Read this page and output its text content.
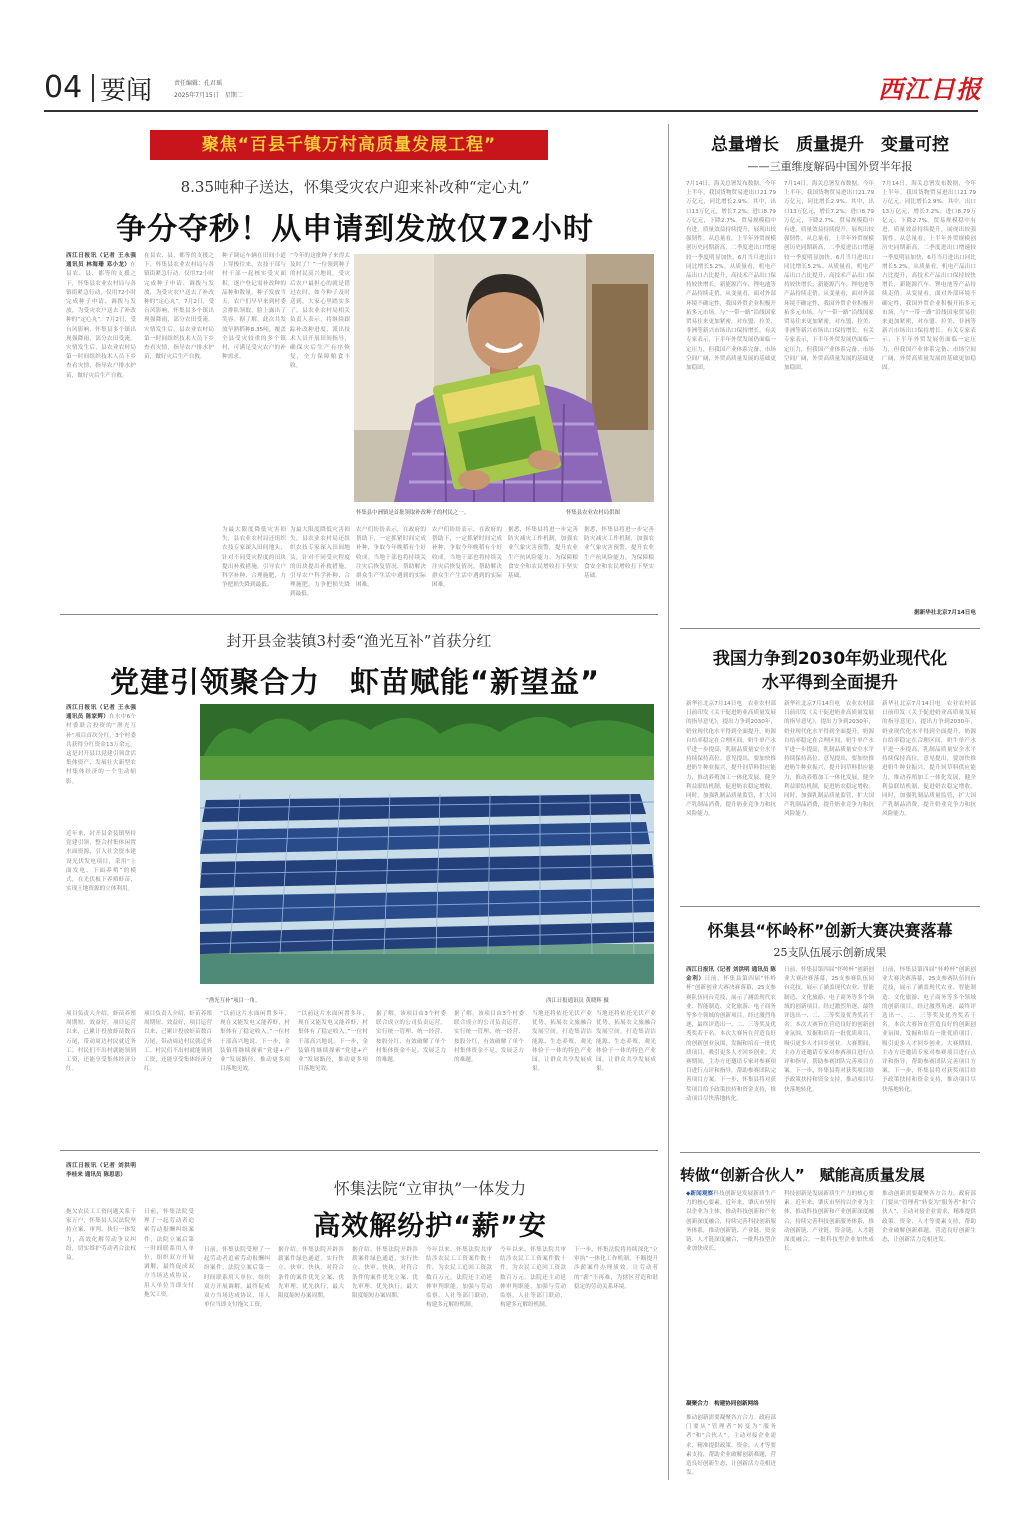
04 要闻	责任编辑：孔君瑶
2025年7月15日　星期二	西江日报
聚焦“百县千镇万村高质量发展工程”
8.35吨种子送达，怀集受灾农户迎来补改种“定心丸”
争分夺秒！从申请到发放仅72小时
西江日报讯（记者 王永强 通讯员 林海珊 邓小龙）在县农、县、都等的支援之下，怀集县农业农村局与各镇街紧急行动，仅用72小时完成种子申请、调拨与发放，为受灾农户送去了补改种的“定心丸”。7月2日，受台风影响，怀集县多个镇出现强降雨，部分农田受淹。灾情发生后，县农业农村局第一时间组织技术人员下乡查看灾情，指导农户排水护苗，做好灾后生产自救。
在县农、县、都等的支援之下，怀集县农业农村局与各镇街紧急行动，仅用72小时完成种子申请、调拨与发放，为受灾农户送去了补改种的“定心丸”。7月2日，受台风影响，怀集县多个镇出现强降雨，部分农田受淹。灾情发生后，县农业农村局第一时间组织技术人员下乡查看灾情，指导农户排水护苗，做好灾后生产自救。
种子调运车辆在田间小道上穿梭往来，农技干部与村干部一起核实受灾面积，逐户登记需补改种的品种和数量。种子发放当天，农户们早早来到村委会排队领取，脸上露出了笑容。据了解，此次共发放早熟稻种8.35吨，覆盖全县受灾较重的多个镇村，可满足受灾农户的补种需求。
“今年的这批种子来得太及时了！”一位领到种子的村民高兴地说。受灾后农户最担心的就是错过农时，如今种子及时送到，大家心里踏实多了。县农业农村局相关负责人表示，将继续跟踪补改种进度，派出技术人员开展田间指导，确保灾后生产有序恢复，全力保障粮食丰收。
怀集县中洲镇是首批领取补改种子的村民之一。	怀集县农业农村局供图
为最大限度降低灾害损失，县农业农村局还组织农技专家深入田间地头，针对不同受灾程度的田块提出补救措施，引导农户科学补种、合理施肥，力争把损失降到最低。
为最大限度降低灾害损失，县农业农村局还组织农技专家深入田间地头，针对不同受灾程度的田块提出补救措施，引导农户科学补种、合理施肥，力争把损失降到最低。
农户们纷纷表示，在政府的帮助下，一定抓紧时间完成补种，争取今年晚稻有个好收成。当地干部也将持续关注灾后恢复情况，帮助解决群众生产生活中遇到的实际困难。
农户们纷纷表示，在政府的帮助下，一定抓紧时间完成补种，争取今年晚稻有个好收成。当地干部也将持续关注灾后恢复情况，帮助解决群众生产生活中遇到的实际困难。
据悉，怀集县将进一步完善防灾减灾工作机制，加强农业气象灾害预警，提升农业生产抗风险能力，为保障粮食安全和农民增收打下坚实基础。
据悉，怀集县将进一步完善防灾减灾工作机制，加强农业气象灾害预警，提升农业生产抗风险能力，为保障粮食安全和农民增收打下坚实基础。
封开县金装镇3村委“渔光互补”首获分红
党建引领聚合力　虾苗赋能“新望益”
西江日报讯（记者 王永强 通讯员 陈家辉）在水中6个村委联合投资的“渔光互补”项目首次分红，3个村委共获得分红资金13万余元。这是封开县以党建引领盘活集体资产、发展壮大新型农村集体经济的一个生动缩影。
近年来，封开县金装镇坚持党建引领，整合村集体闲置水面资源，引入社会资本建设光伏发电项目，采用“上面发电、下面养殖”的模式，在光伏板下养殖虾苗，实现土地资源的立体利用。
“渔光互补”项目一角。	西江日报通讯员 黄晓辉 摄
项目负责人介绍，虾苗养殖周期短、效益好，项目运营以来，已累计投放虾苗数百万尾，带动周边村民就近务工。村民们不出村就能领到工资，还能享受集体经济分红。
项目负责人介绍，虾苗养殖周期短、效益好，项目运营以来，已累计投放虾苗数百万尾，带动周边村民就近务工。村民们不出村就能领到工资，还能享受集体经济分红。
“以前这片水面闲置多年，现在又能发电又能养虾，村集体有了稳定收入。”一位村干部高兴地说。下一步，金装镇将继续探索“党建+产业”发展路径，推动更多项目落地见效。
“以前这片水面闲置多年，现在又能发电又能养虾，村集体有了稳定收入。”一位村干部高兴地说。下一步，金装镇将继续探索“党建+产业”发展路径，推动更多项目落地见效。
据了解，该项目由3个村委联合成立的公司负责运营，实行统一管理、统一经营、按股分红，有效破解了单个村集体资金不足、发展乏力的难题。
据了解，该项目由3个村委联合成立的公司负责运营，实行统一管理、统一经营、按股分红，有效破解了单个村集体资金不足、发展乏力的难题。
当地还将依托光伏产业优势，拓展农文旅融合发展空间，打造集清洁能源、生态养殖、观光体验于一体的特色产业园，让群众共享发展成果。
当地还将依托光伏产业优势，拓展农文旅融合发展空间，打造集清洁能源、生态养殖、观光体验于一体的特色产业园，让群众共享发展成果。
西江日报讯（记者 刘洪明 李桂来 通讯员 陈思思）
怀集法院“立审执”一体发力
高效解纷护“薪”安
拖欠农民工工资问题关系千家万户，怀集县人民法院坚持立案、审判、执行一体发力，高效化解劳动争议纠纷，切实维护劳动者合法权益。
日前，怀集法院受理了一起劳动者追索劳动报酬纠纷案件，法院立案后第一时间联系用人单位，组织双方开展调解，最终促成双方当场达成协议，用人单位当即支付拖欠工资。
日前，怀集法院受理了一起劳动者追索劳动报酬纠纷案件，法院立案后第一时间联系用人单位，组织双方开展调解，最终促成双方当场达成协议，用人单位当即支付拖欠工资。
据介绍，怀集法院开辟涉薪案件绿色通道，实行快立、快审、快执，对符合条件的案件优先立案、优先审理、优先执行，最大限度缩短办案周期。
据介绍，怀集法院开辟涉薪案件绿色通道，实行快立、快审、快执，对符合条件的案件优先立案、优先审理、优先执行，最大限度缩短办案周期。
今年以来，怀集法院共审结涉农民工工资案件数十件，为农民工追回工资款数百万元。法院还主动延伸审判职能，加强与劳动监察、人社等部门联动，构建多元解纷机制。
今年以来，怀集法院共审结涉农民工工资案件数十件，为农民工追回工资款数百万元。法院还主动延伸审判职能，加强与劳动监察、人社等部门联动，构建多元解纷机制。
下一步，怀集法院将持续深化“立审执”一体化工作机制，不断提升涉薪案件办理质效，让劳动者的“薪”不再难，为辖区营造和谐稳定的劳动关系环境。
总量增长　质量提升　变量可控
——三重维度解码中国外贸半年报
7月14日，海关总署发布数据，今年上半年，我国货物贸易进出口21.79万亿元，同比增长2.9%。其中，出口13万亿元，增长7.2%；进口8.79万亿元，下降2.7%。贸易规模稳中有进，质量效益持续提升，展现出较强韧性。从总量看，上半年外贸规模创历史同期新高，二季度进出口增速较一季度明显加快，6月当月进出口同比增长5.2%。从质量看，机电产品出口占比提升，高技术产品出口保持较快增长，新能源汽车、锂电池等产品持续走俏。从变量看，面对外部环境不确定性，我国外贸企业积极开拓多元市场，与“一带一路”沿线国家贸易往来更加紧密，对东盟、拉美、非洲等新兴市场出口保持增长。有关专家表示，下半年外贸发展仍面临一定压力，但我国产业体系完备、市场空间广阔，外贸高质量发展的基础更加稳固。
7月14日，海关总署发布数据，今年上半年，我国货物贸易进出口21.79万亿元，同比增长2.9%。其中，出口13万亿元，增长7.2%；进口8.79万亿元，下降2.7%。贸易规模稳中有进，质量效益持续提升，展现出较强韧性。从总量看，上半年外贸规模创历史同期新高，二季度进出口增速较一季度明显加快，6月当月进出口同比增长5.2%。从质量看，机电产品出口占比提升，高技术产品出口保持较快增长，新能源汽车、锂电池等产品持续走俏。从变量看，面对外部环境不确定性，我国外贸企业积极开拓多元市场，与“一带一路”沿线国家贸易往来更加紧密，对东盟、拉美、非洲等新兴市场出口保持增长。有关专家表示，下半年外贸发展仍面临一定压力，但我国产业体系完备、市场空间广阔，外贸高质量发展的基础更加稳固。
7月14日，海关总署发布数据，今年上半年，我国货物贸易进出口21.79万亿元，同比增长2.9%。其中，出口13万亿元，增长7.2%；进口8.79万亿元，下降2.7%。贸易规模稳中有进，质量效益持续提升，展现出较强韧性。从总量看，上半年外贸规模创历史同期新高，二季度进出口增速较一季度明显加快，6月当月进出口同比增长5.2%。从质量看，机电产品出口占比提升，高技术产品出口保持较快增长，新能源汽车、锂电池等产品持续走俏。从变量看，面对外部环境不确定性，我国外贸企业积极开拓多元市场，与“一带一路”沿线国家贸易往来更加紧密，对东盟、拉美、非洲等新兴市场出口保持增长。有关专家表示，下半年外贸发展仍面临一定压力，但我国产业体系完备、市场空间广阔，外贸高质量发展的基础更加稳固。
据新华社北京7月14日电
我国力争到2030年奶业现代化
水平得到全面提升
新华社北京7月14日电　农业农村部日前印发《关于促进奶业高质量发展的指导意见》，提出力争到2030年，奶业现代化水平得到全面提升，奶源自给率稳定在合理区间，奶牛单产水平进一步提高，乳制品质量安全水平持续保持高位。意见提出，要加快推进奶牛种业振兴，提升饲草料供应能力，推动养殖加工一体化发展，健全利益联结机制，促进奶农稳定增收。同时，加强乳制品质量监管，扩大国产乳制品消费，提升奶业竞争力和抗风险能力。
新华社北京7月14日电　农业农村部日前印发《关于促进奶业高质量发展的指导意见》，提出力争到2030年，奶业现代化水平得到全面提升，奶源自给率稳定在合理区间，奶牛单产水平进一步提高，乳制品质量安全水平持续保持高位。意见提出，要加快推进奶牛种业振兴，提升饲草料供应能力，推动养殖加工一体化发展，健全利益联结机制，促进奶农稳定增收。同时，加强乳制品质量监管，扩大国产乳制品消费，提升奶业竞争力和抗风险能力。
新华社北京7月14日电　农业农村部日前印发《关于促进奶业高质量发展的指导意见》，提出力争到2030年，奶业现代化水平得到全面提升，奶源自给率稳定在合理区间，奶牛单产水平进一步提高，乳制品质量安全水平持续保持高位。意见提出，要加快推进奶牛种业振兴，提升饲草料供应能力，推动养殖加工一体化发展，健全利益联结机制，促进奶农稳定增收。同时，加强乳制品质量监管，扩大国产乳制品消费，提升奶业竞争力和抗风险能力。
怀集县“怀岭杯”创新大赛决赛落幕
25支队伍展示创新成果
西江日报讯（记者 刘洪明 通讯员 陈金利）日前，怀集县第四届“怀岭杯”创新创业大赛决赛落幕，25支参赛队伍同台竞技，展示了涵盖现代农业、智能制造、文化旅游、电子商务等多个领域的创新项目。经过激烈角逐，最终评选出一、二、三等奖及优秀奖若干名。本次大赛旨在营造良好的创新创业氛围，发掘和培育一批优质项目，吸引更多人才回乡创业。大赛期间，主办方还邀请专家对参赛项目进行点评和指导，帮助参赛团队完善项目方案。下一步，怀集县将对获奖项目给予政策扶持和资金支持，推动项目尽快落地转化。
日前，怀集县第四届“怀岭杯”创新创业大赛决赛落幕，25支参赛队伍同台竞技，展示了涵盖现代农业、智能制造、文化旅游、电子商务等多个领域的创新项目。经过激烈角逐，最终评选出一、二、三等奖及优秀奖若干名。本次大赛旨在营造良好的创新创业氛围，发掘和培育一批优质项目，吸引更多人才回乡创业。大赛期间，主办方还邀请专家对参赛项目进行点评和指导，帮助参赛团队完善项目方案。下一步，怀集县将对获奖项目给予政策扶持和资金支持，推动项目尽快落地转化。
日前，怀集县第四届“怀岭杯”创新创业大赛决赛落幕，25支参赛队伍同台竞技，展示了涵盖现代农业、智能制造、文化旅游、电子商务等多个领域的创新项目。经过激烈角逐，最终评选出一、二、三等奖及优秀奖若干名。本次大赛旨在营造良好的创新创业氛围，发掘和培育一批优质项目，吸引更多人才回乡创业。大赛期间，主办方还邀请专家对参赛项目进行点评和指导，帮助参赛团队完善项目方案。下一步，怀集县将对获奖项目给予政策扶持和资金支持，推动项目尽快落地转化。
转做“创新合伙人”　赋能高质量发展
◆新闻观察科技创新是发展新质生产力的核心要素。近年来，肇庆市坚持以企业为主体，推动科技创新和产业创新深度融合，持续完善科技创新服务体系，推动创新链、产业链、资金链、人才链深度融合，一批科技型企业加快成长。
凝聚合力　构建协同创新网络
推动创新需要凝聚各方合力。政府部门要从“管理者”转变为“服务者”和“合伙人”，主动对接企业需求，精准提供政策、资金、人才等要素支持，帮助企业破解创新难题，营造良好创新生态，让创新活力竞相迸发。
科技创新是发展新质生产力的核心要素。近年来，肇庆市坚持以企业为主体，推动科技创新和产业创新深度融合，持续完善科技创新服务体系，推动创新链、产业链、资金链、人才链深度融合，一批科技型企业加快成长。
推动创新需要凝聚各方合力。政府部门要从“管理者”转变为“服务者”和“合伙人”，主动对接企业需求，精准提供政策、资金、人才等要素支持，帮助企业破解创新难题，营造良好创新生态，让创新活力竞相迸发。
